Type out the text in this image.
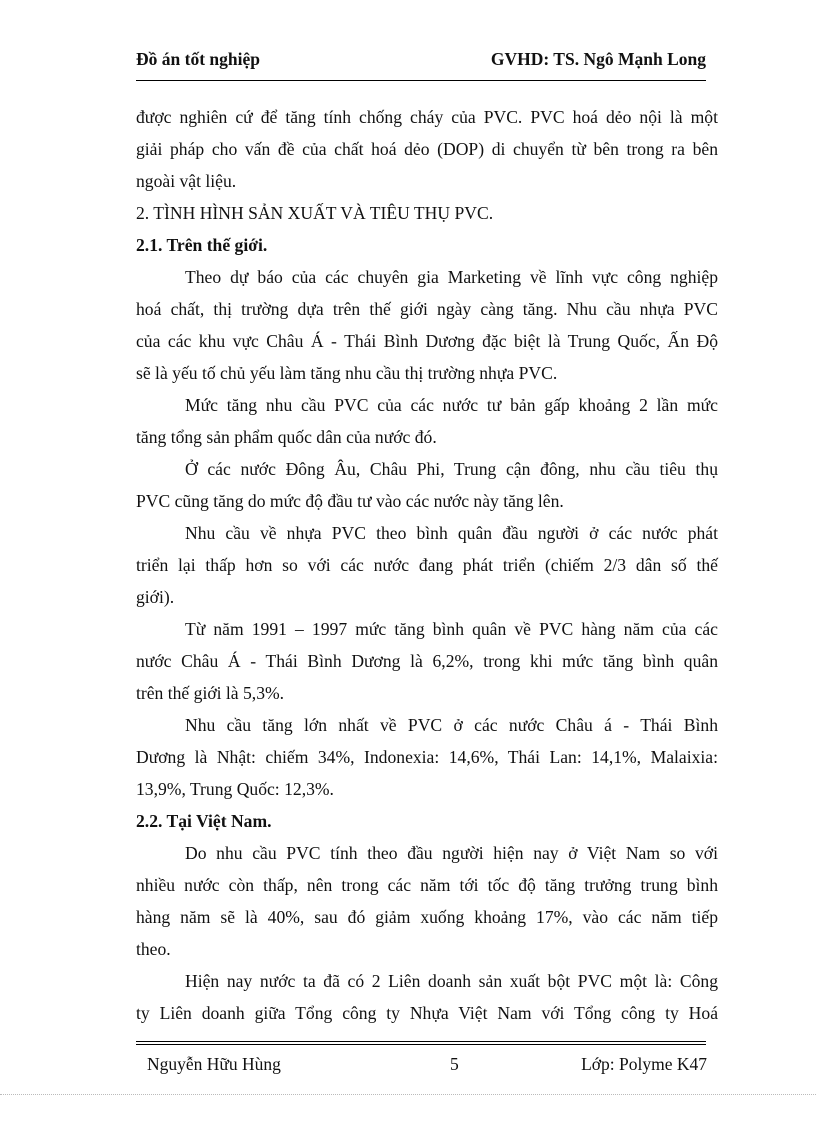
Đồ án tốt nghiệp	GVHD: TS. Ngô Mạnh Long
được nghiên cứ để tăng tính chống cháy của PVC. PVC hoá dẻo nội là một
giải pháp cho vấn đề của chất hoá dẻo (DOP) di chuyển từ bên trong ra bên
ngoài vật liệu.
2. TÌNH HÌNH SẢN XUẤT VÀ TIÊU THỤ PVC.
2.1. Trên thế giới.
Theo dự báo của các chuyên gia Marketing về lĩnh vực công nghiệp
hoá chất, thị trường dựa trên thế giới ngày càng tăng. Nhu cầu nhựa PVC
của các khu vực Châu Á - Thái Bình Dương đặc biệt là Trung Quốc, Ấn Độ
sẽ là yếu tố chủ yếu làm tăng nhu cầu thị trường nhựa PVC.
Mức tăng nhu cầu PVC của các nước tư bản gấp khoảng 2 lần mức
tăng tổng sản phẩm quốc dân của nước đó.
Ở các nước Đông Âu, Châu Phi, Trung cận đông, nhu cầu tiêu thụ
PVC cũng tăng do mức độ đầu tư vào các nước này tăng lên.
Nhu cầu về nhựa PVC theo bình quân đầu người ở các nước phát
triển lại thấp hơn so với các nước đang phát triển (chiếm 2/3 dân số thế
giới).
Từ năm 1991 – 1997 mức tăng bình quân về PVC hàng năm của các
nước Châu Á - Thái Bình Dương là 6,2%, trong khi mức tăng bình quân
trên thế giới là 5,3%.
Nhu cầu tăng lớn nhất về PVC ở các nước Châu á - Thái Bình
Dương là Nhật: chiếm 34%, Indonexia: 14,6%, Thái Lan: 14,1%, Malaixia:
13,9%, Trung Quốc: 12,3%.
2.2. Tại Việt Nam.
Do nhu cầu PVC tính theo đầu người hiện nay ở Việt Nam so với
nhiều nước còn thấp, nên trong các năm tới tốc độ tăng trưởng trung bình
hàng năm sẽ là 40%, sau đó giảm xuống khoảng 17%, vào các năm tiếp
theo.
Hiện nay nước ta đã có 2 Liên doanh sản xuất bột PVC một là: Công
ty Liên doanh giữa Tổng công ty Nhựa Việt Nam với Tổng công ty Hoá
Nguyễn Hữu Hùng	5	Lớp: Polyme K47
